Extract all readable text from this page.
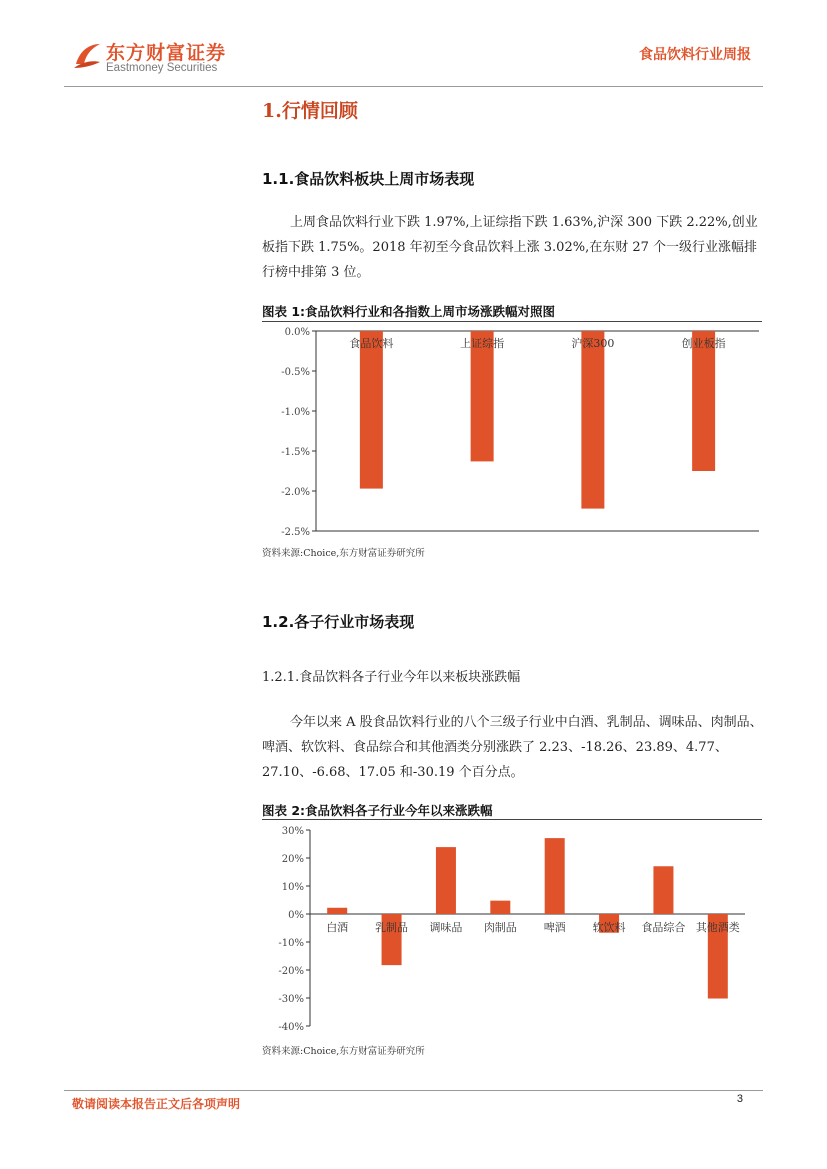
东方财富证券
Eastmoney Securities
食品饮料行业周报
1.行情回顾
1.1.食品饮料板块上周市场表现
上周食品饮料行业下跌 1.97%,上证综指下跌 1.63%,沪深 300 下跌 2.22%,创业板指下跌 1.75%。2018 年初至今食品饮料上涨 3.02%,在东财 27 个一级行业涨幅排行榜中排第 3 位。
图表 1:食品饮料行业和各指数上周市场涨跌幅对照图
0.0%
-0.5%
-1.0%
-1.5%
-2.0%
-2.5%
食品饮料	上证综指	沪深300	创业板指
资料来源:Choice,东方财富证券研究所
1.2.各子行业市场表现
1.2.1.食品饮料各子行业今年以来板块涨跌幅
今年以来 A 股食品饮料行业的八个三级子行业中白酒、乳制品、调味品、肉制品、啤酒、软饮料、食品综合和其他酒类分别涨跌了 2.23、-18.26、23.89、4.77、27.10、-6.68、17.05 和-30.19 个百分点。
图表 2:食品饮料各子行业今年以来涨跌幅
30%
20%
10%
0%
-10%
-20%
-30%
-40%
白酒 乳制品 调味品 肉制品 啤酒 软饮料 食品综合 其他酒类
资料来源:Choice,东方财富证券研究所
敬请阅读本报告正文后各项声明	3
